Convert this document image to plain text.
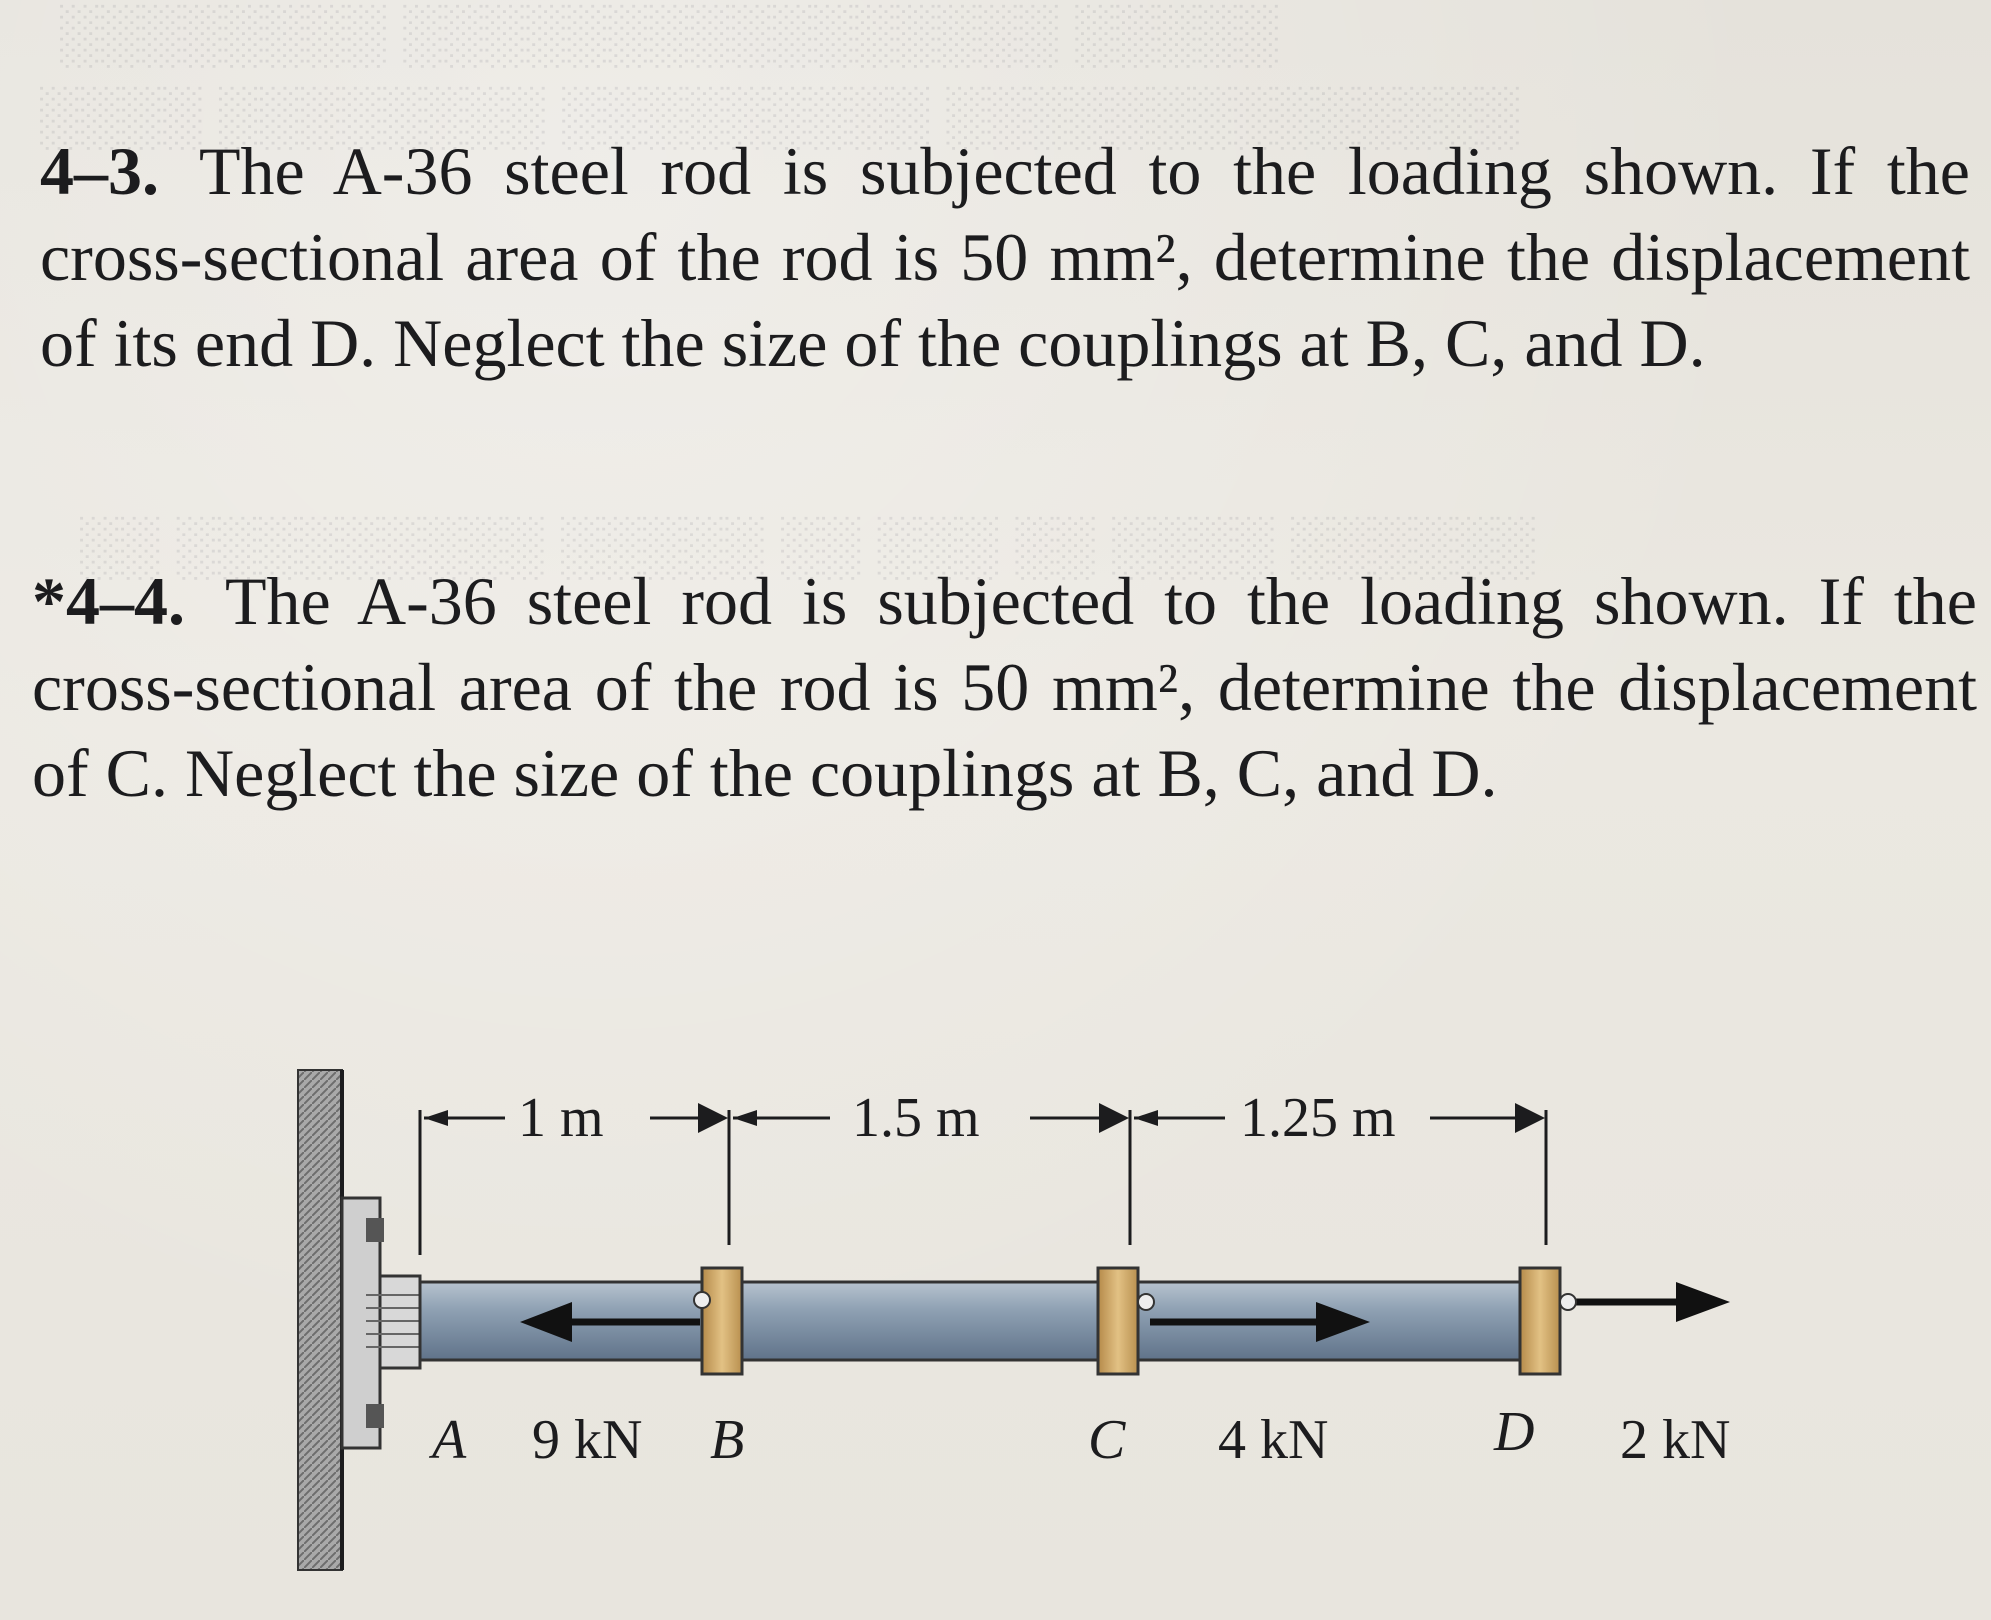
░░░░░ ░░░░░░░░░░░░░░░░ ░░░░░░░░
░░░░░░░░░░░░░░ ░░░░░░░░░ ░░░░░░░░ ░░░░
░░░░░░ ░░░░ ░░ ░░░ ░░ ░░░░░ ░░░░░░░░░ ░░
4–3. The A-36 steel rod is subjected to the loading shown. If the cross-sectional area of the rod is 50 mm², determine the displacement of its end D. Neglect the size of the couplings at B, C, and D.
*4–4. The A-36 steel rod is subjected to the loading shown. If the cross-sectional area of the rod is 50 mm², determine the displacement of C. Neglect the size of the couplings at B, C, and D.
1 m	1.5 m	1.25 m
A 9 kN B	C 4 kN	D 2 kN
